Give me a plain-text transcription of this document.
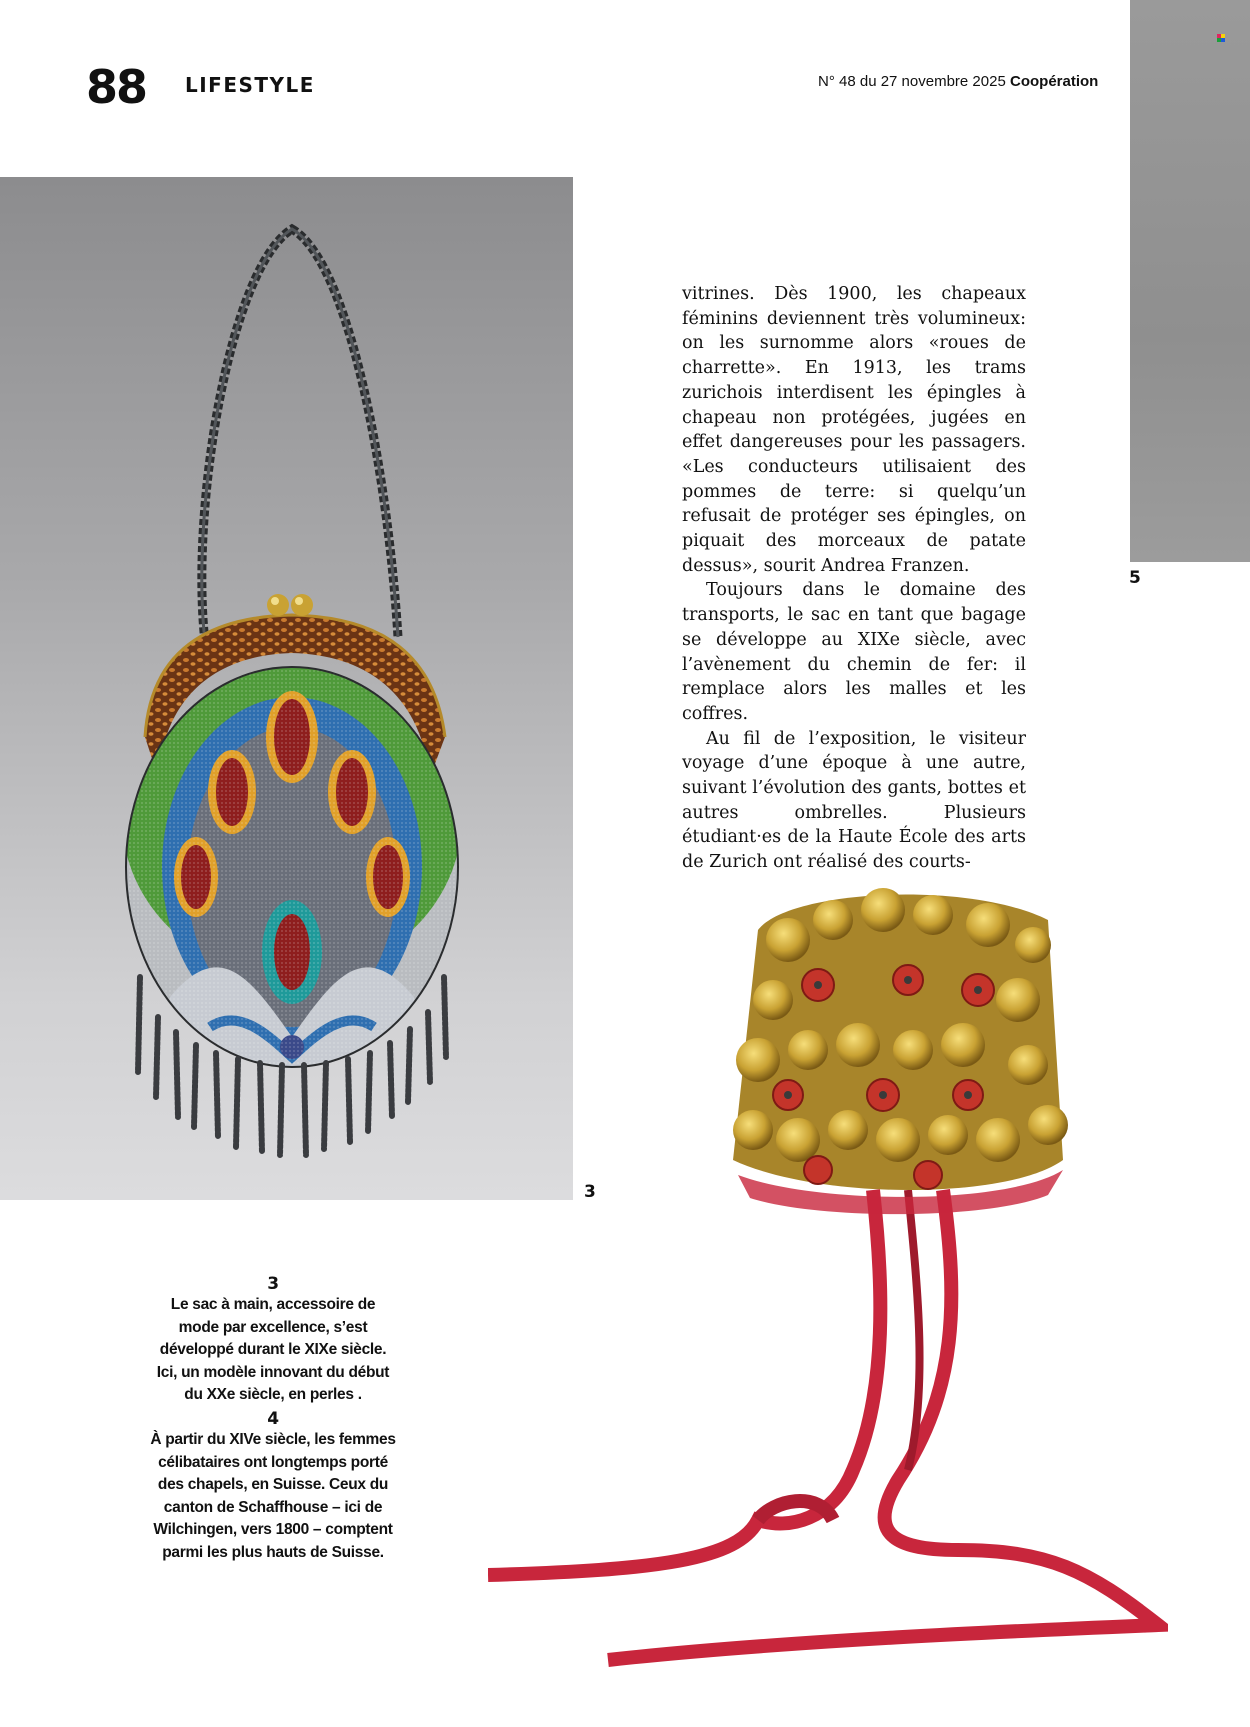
88 LIFESTYLE	N° 48 du 27 novembre 2025 Coopération
5
3

vitrines. Dès 1900, les chapeaux féminins deviennent très volumineux: on les surnomme alors «roues de charrette». En 1913, les trams zurichois interdisent les épingles à chapeau non protégées, jugées en effet dangereuses pour les passagers. «Les conducteurs utilisaient des pommes de terre: si quelqu’un refusait de protéger ses épingles, on piquait des morceaux de patate dessus», sourit Andrea Franzen.

Toujours dans le domaine des transports, le sac en tant que bagage se développe au XIXe siècle, avec l’avènement du chemin de fer: il remplace alors les malles et les coffres.

Au fil de l’exposition, le visiteur voyage d’une époque à une autre, suivant l’évolution des gants, bottes et autres ombrelles. Plusieurs étudiant·es de la Haute École des arts de Zurich ont réalisé des courts-

3

Le sac à main, accessoire de mode par excellence, s’est développé durant le XIXe siècle. Ici, un modèle innovant du début du XXe siècle, en perles .

4

À partir du XIVe siècle, les femmes célibataires ont longtemps porté des chapels, en Suisse. Ceux du canton de Schaffhouse – ici de Wilchingen, vers 1800 – comptent parmi les plus hauts de Suisse.
